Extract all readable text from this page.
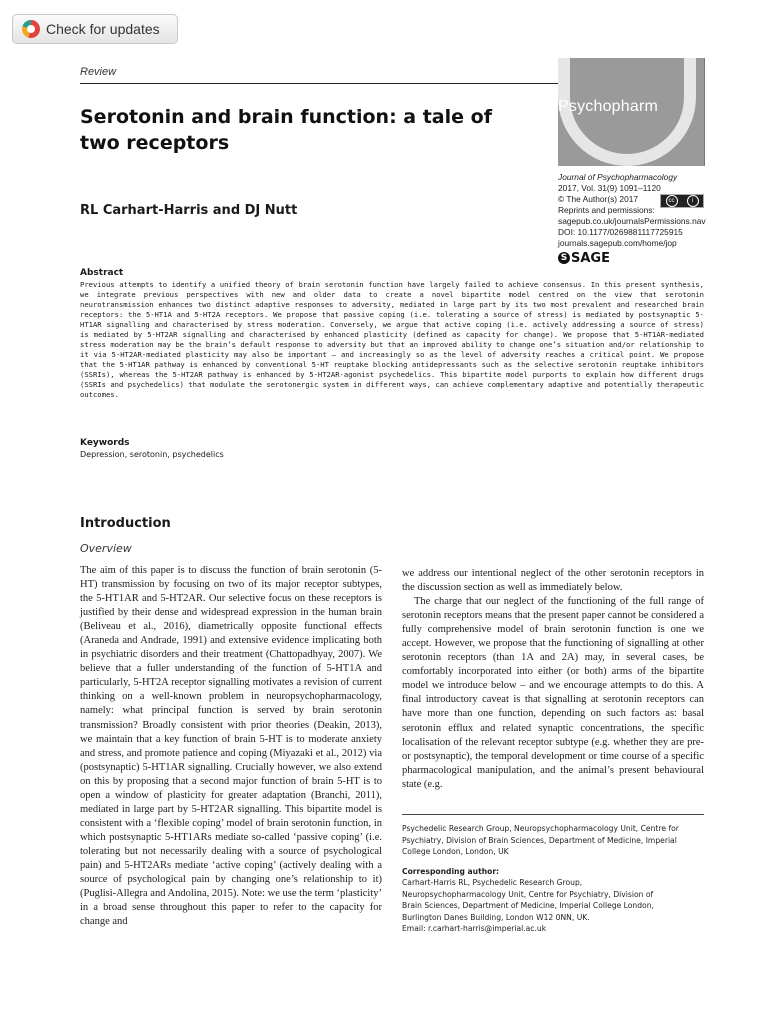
Check for updates
Review
Psychopharm
Serotonin and brain function: a tale of two receptors
RL Carhart-Harris and DJ Nutt
Journal of Psychopharmacology
2017, Vol. 31(9) 1091–1120
© The Author(s) 2017
Reprints and permissions:
sagepub.co.uk/journalsPermissions.nav
DOI: 10.1177/0269881117725915
journals.sagepub.com/home/jop
cc	i
S SAGE
Abstract

Previous attempts to identify a unified theory of brain serotonin function have largely failed to achieve consensus. In this present synthesis, we integrate previous perspectives with new and older data to create a novel bipartite model centred on the view that serotonin neurotransmission enhances two distinct adaptive responses to adversity, mediated in large part by its two most prevalent and researched brain receptors: the 5-HT1A and 5-HT2A receptors. We propose that passive coping (i.e. tolerating a source of stress) is mediated by postsynaptic 5-HT1AR signalling and characterised by stress moderation. Conversely, we argue that active coping (i.e. actively addressing a source of stress) is mediated by 5-HT2AR signalling and characterised by enhanced plasticity (defined as capacity for change). We propose that 5-HT1AR-mediated stress moderation may be the brain’s default response to adversity but that an improved ability to change one’s situation and/or relationship to it via 5-HT2AR-mediated plasticity may also be important – and increasingly so as the level of adversity reaches a critical point. We propose that the 5-HT1AR pathway is enhanced by conventional 5-HT reuptake blocking antidepressants such as the selective serotonin reuptake inhibitors (SSRIs), whereas the 5-HT2AR pathway is enhanced by 5-HT2AR-agonist psychedelics. This bipartite model purports to explain how different drugs (SSRIs and psychedelics) that modulate the serotonergic system in different ways, can achieve complementary adaptive and potentially therapeutic outcomes.

Keywords
Depression, serotonin, psychedelics
Introduction
Overview

The aim of this paper is to discuss the function of brain serotonin (5-HT) transmission by focusing on two of its major receptor subtypes, the 5-HT1AR and 5-HT2AR. Our selective focus on these receptors is justified by their dense and widespread expression in the human brain (Beliveau et al., 2016), diametrically opposite functional effects (Araneda and Andrade, 1991) and extensive evidence implicating both in psychiatric disorders and their treatment (Chattopadhyay, 2007). We believe that a fuller understanding of the function of 5-HT1A and particularly, 5-HT2A receptor signalling motivates a revision of current thinking on a well-known problem in neuropsychopharmacology, namely: what principal function is served by brain serotonin transmission? Broadly consistent with prior theories (Deakin, 2013), we maintain that a key function of brain 5-HT is to moderate anxiety and stress, and promote patience and coping (Miyazaki et al., 2012) via (postsynaptic) 5-HT1AR signalling. Crucially however, we also extend on this by proposing that a second major function of brain 5-HT is to open a window of plasticity for greater adaptation (Branchi, 2011), mediated in large part by 5-HT2AR signalling. This bipartite model is consistent with a ‘flexible coping’ model of brain serotonin function, in which postsynaptic 5-HT1ARs mediate so-called ‘passive coping’ (i.e. tolerating but not necessarily dealing with a source of psychological pain) and 5-HT2ARs mediate ‘active coping’ (actively dealing with a source of psychological pain by changing one’s relationship to it) (Puglisi-Allegra and Andolina, 2015). Note: we use the term ‘plasticity’ in a broad sense throughout this paper to refer to the capacity for change and

we address our intentional neglect of the other serotonin receptors in the discussion section as well as immediately below.

The charge that our neglect of the functioning of the full range of serotonin receptors means that the present paper cannot be considered a fully comprehensive model of brain serotonin function is one we accept. However, we propose that the functioning of signalling at other serotonin receptors (than 1A and 2A) may, in several cases, be comfortably incorporated into either (or both) arms of the bipartite model we introduce below – and we encourage attempts to do this. A final introductory caveat is that signalling at serotonin receptors can have more than one function, depending on such factors as: basal serotonin efflux and related synaptic concentrations, the specific localisation of the relevant receptor subtype (e.g. whether they are pre- or postsynaptic), the temporal development or time course of a specific pharmacological manipulation, and the animal’s present behavioural state (e.g.

Psychedelic Research Group, Neuropsychopharmacology Unit, Centre for Psychiatry, Division of Brain Sciences, Department of Medicine, Imperial College London, London, UK
Corresponding author:
Carhart-Harris RL, Psychedelic Research Group,
Neuropsychopharmacology Unit, Centre for Psychiatry, Division of
Brain Sciences, Department of Medicine, Imperial College London,
Burlington Danes Building, London W12 0NN, UK.
Email: r.carhart-harris@imperial.ac.uk
